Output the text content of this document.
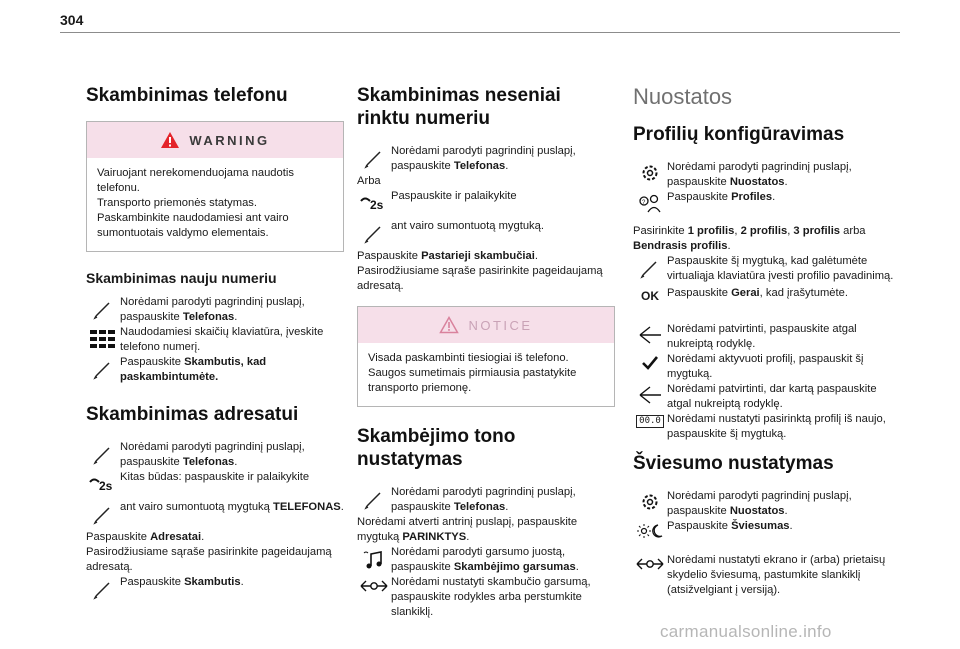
304
Skambinimas telefonu
WARNING
Vairuojant nerekomenduojama naudotis telefonu.
Transporto priemonės statymas.
Paskambinkite naudodamiesi ant vairo sumontuotais valdymo elementais.
Skambinimas nauju numeriu
Norėdami parodyti pagrindinį puslapį, paspauskite Telefonas.
Naudodamiesi skaičių klaviatūra, įveskite telefono numerį.
Paspauskite Skambutis, kad paskambintumėte.
Skambinimas adresatui
Norėdami parodyti pagrindinį puslapį, paspauskite Telefonas.
2s
Kitas būdas: paspauskite ir palaikykite
ant vairo sumontuotą mygtuką TELEFONAS.
Paspauskite Adresatai.
Pasirodžiusiame sąraše pasirinkite pageidaujamą adresatą.
Paspauskite Skambutis.
Skambinimas neseniai rinktu numeriu
Norėdami parodyti pagrindinį puslapį, paspauskite Telefonas.
Arba
2s
Paspauskite ir palaikykite
ant vairo sumontuotą mygtuką.
Paspauskite Pastarieji skambučiai.
Pasirodžiusiame sąraše pasirinkite pageidaujamą adresatą.
NOTICE
Visada paskambinti tiesiogiai iš telefono. Saugos sumetimais pirmiausia pastatykite transporto priemonę.
Skambėjimo tono nustatymas
Norėdami parodyti pagrindinį puslapį, paspauskite Telefonas.
Norėdami atverti antrinį puslapį, paspauskite mygtuką PARINKTYS.
Norėdami parodyti garsumo juostą, paspauskite Skambėjimo garsumas.
Norėdami nustatyti skambučio garsumą, paspauskite rodykles arba perstumkite slankiklį.
Nuostatos
Profilių konfigūravimas
Norėdami parodyti pagrindinį puslapį, paspauskite Nuostatos.
? Paspauskite Profiles.
Pasirinkite 1 profilis, 2 profilis, 3 profilis arba Bendrasis profilis.
Paspauskite šį mygtuką, kad galėtumėte virtualiąja klaviatūra įvesti profilio pavadinimą.
OK Paspauskite Gerai, kad įrašytumėte.
Norėdami patvirtinti, paspauskite atgal nukreiptą rodyklę.
Norėdami aktyvuoti profilį, paspauskit šį mygtuką.
Norėdami patvirtinti, dar kartą paspauskite atgal nukreiptą rodyklę.
00.0 Norėdami nustatyti pasirinktą profilį iš naujo, paspauskite šį mygtuką.
Šviesumo nustatymas
Norėdami parodyti pagrindinį puslapį, paspauskite Nuostatos.
Paspauskite Šviesumas.
Norėdami nustatyti ekrano ir (arba) prietaisų skydelio šviesumą, pastumkite slankiklį (atsižvelgiant į versiją).
carmanualsonline.info
